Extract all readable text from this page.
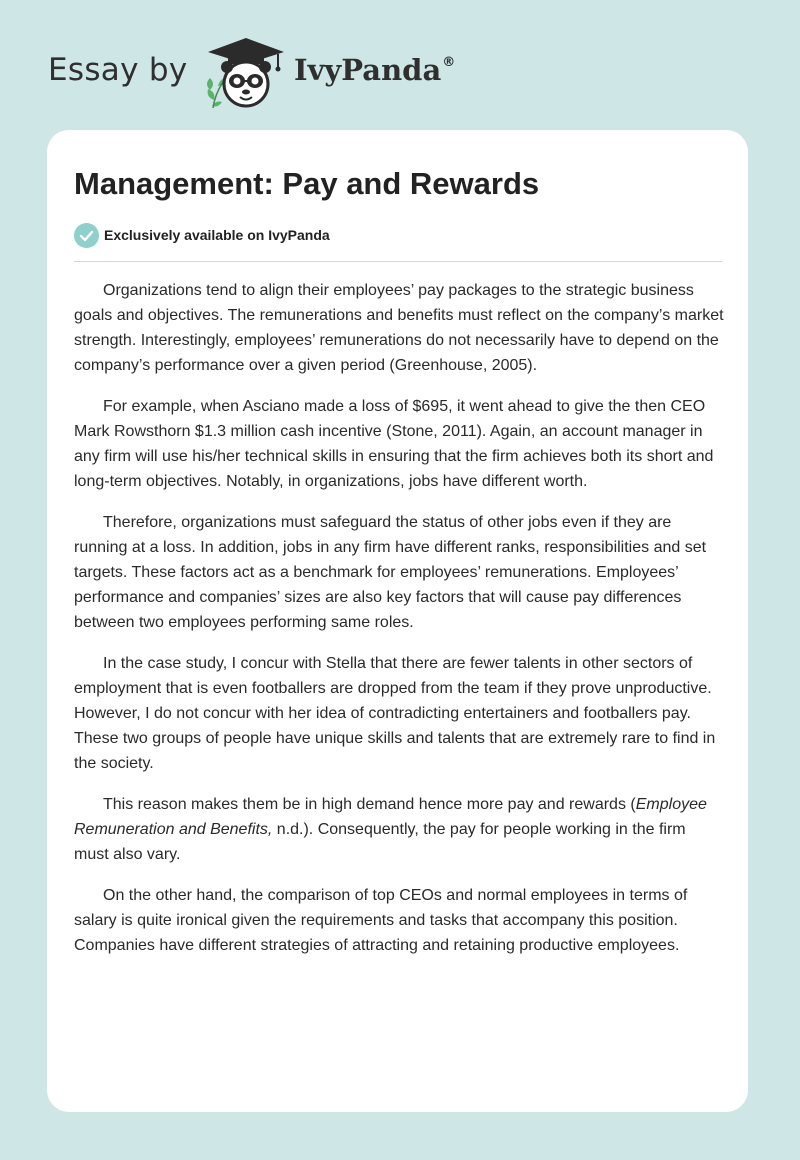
Essay by	IvyPanda®
Management: Pay and Rewards
Exclusively available on IvyPanda

Organizations tend to align their employees’ pay packages to the strategic business goals and objectives. The remunerations and benefits must reflect on the company’s market strength. Interestingly, employees’ remunerations do not necessarily have to depend on the company’s performance over a given period (Greenhouse, 2005).

For example, when Asciano made a loss of $695, it went ahead to give the then CEO Mark Rowsthorn $1.3 million cash incentive (Stone, 2011). Again, an account manager in any firm will use his/her technical skills in ensuring that the firm achieves both its short and long-term objectives. Notably, in organizations, jobs have different worth.

Therefore, organizations must safeguard the status of other jobs even if they are running at a loss. In addition, jobs in any firm have different ranks, responsibilities and set targets. These factors act as a benchmark for employees’ remunerations. Employees’ performance and companies’ sizes are also key factors that will cause pay differences between two employees performing same roles.

In the case study, I concur with Stella that there are fewer talents in other sectors of employment that is even footballers are dropped from the team if they prove unproductive. However, I do not concur with her idea of contradicting entertainers and footballers pay. These two groups of people have unique skills and talents that are extremely rare to find in the society.

This reason makes them be in high demand hence more pay and rewards (Employee Remuneration and Benefits, n.d.). Consequently, the pay for people working in the firm must also vary.

On the other hand, the comparison of top CEOs and normal employees in terms of salary is quite ironical given the requirements and tasks that accompany this position. Companies have different strategies of attracting and retaining productive employees.
